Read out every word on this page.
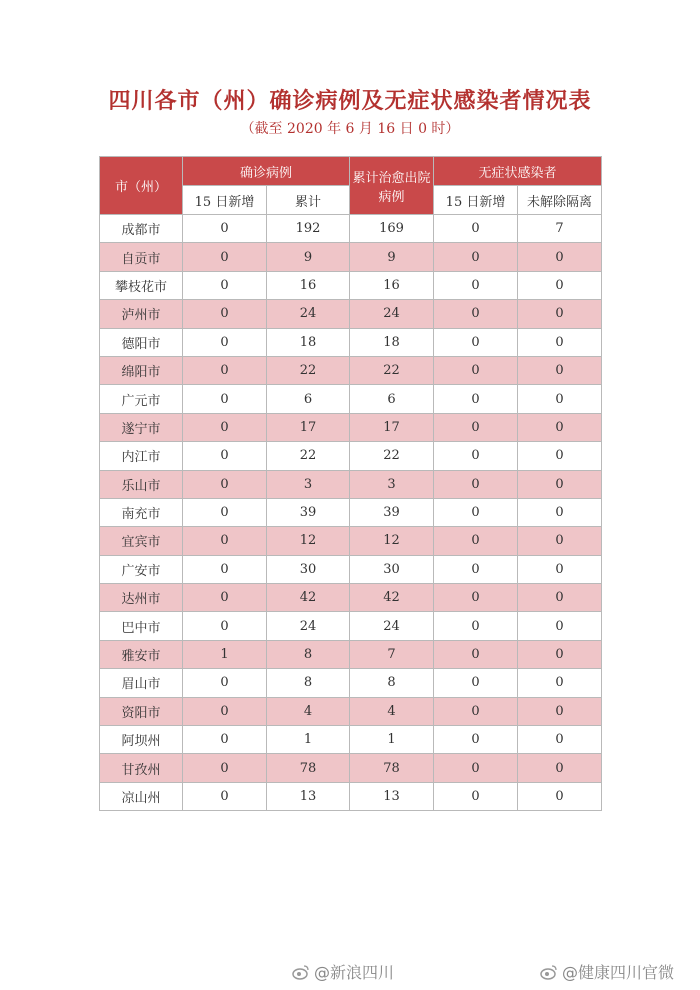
四川各市（州）确诊病例及无症状感染者情况表
（截至 2020 年 6 月 16 日 0 时）
市（州）	确诊病例		累计治愈出院病例	无症状感染者	
	15 日新增	累计		15 日新增	未解除隔离
成都市	0	192	169	0	7
自贡市	0	9	9	0	0
攀枝花市	0	16	16	0	0
泸州市	0	24	24	0	0
德阳市	0	18	18	0	0
绵阳市	0	22	22	0	0
广元市	0	6	6	0	0
遂宁市	0	17	17	0	0
内江市	0	22	22	0	0
乐山市	0	3	3	0	0
南充市	0	39	39	0	0
宜宾市	0	12	12	0	0
广安市	0	30	30	0	0
达州市	0	42	42	0	0
巴中市	0	24	24	0	0
雅安市	1	8	7	0	0
眉山市	0	8	8	0	0
资阳市	0	4	4	0	0
阿坝州	0	1	1	0	0
甘孜州	0	78	78	0	0
凉山州	0	13	13	0	0
@新浪四川	@健康四川官微
